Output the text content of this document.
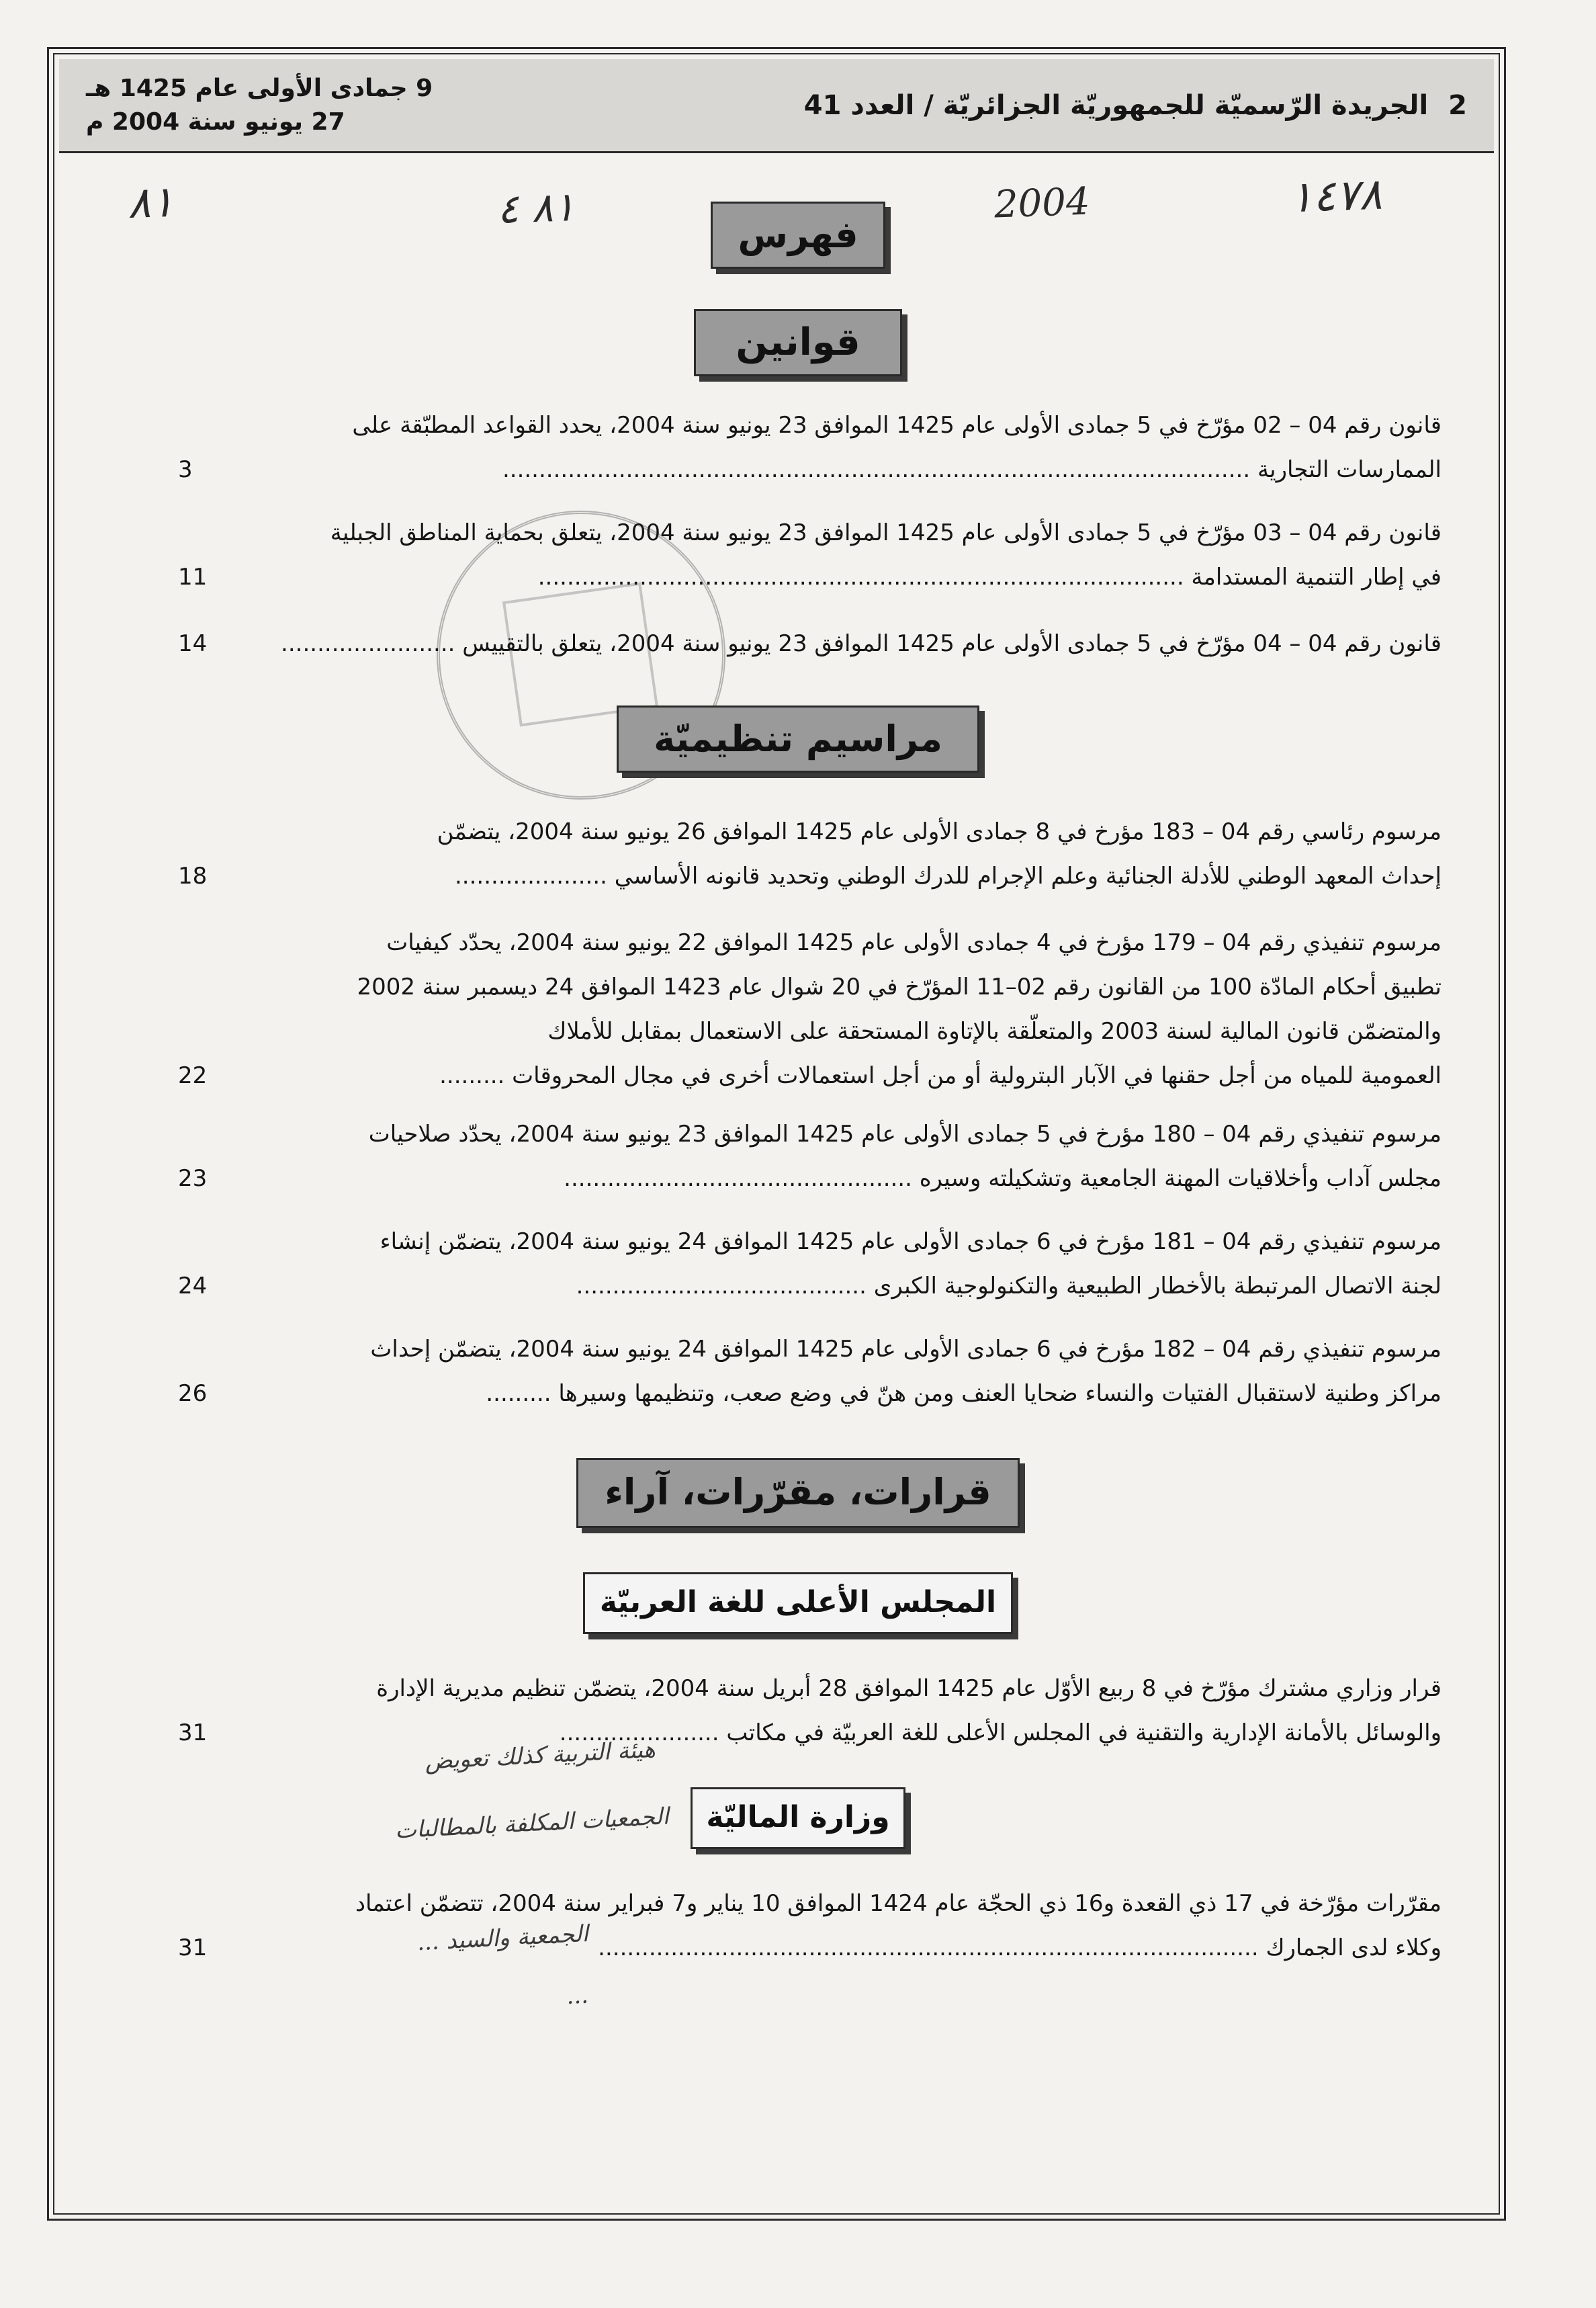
2
الجريدة الرّسميّة للجمهوريّة الجزائريّة / العدد 41
9 جمادى الأولى عام 1425 هـ
27 يونيو سنة 2004 م
٨١	٨١ ٤	2004	١٤٧٨
فهرس
قوانين
قانون رقم 04 – 02 مؤرّخ في 5 جمادى الأولى عام 1425 الموافق 23 يونيو سنة 2004، يحدد القواعد المطبّقة على
الممارسات التجارية .......................................................................................................
3
قانون رقم 04 – 03 مؤرّخ في 5 جمادى الأولى عام 1425 الموافق 23 يونيو سنة 2004، يتعلق بحماية المناطق الجبلية
في إطار التنمية المستدامة .........................................................................................
11
قانون رقم 04 – 04 مؤرّخ في 5 جمادى الأولى عام 1425 الموافق 23 يونيو سنة 2004، يتعلق بالتقييس ........................
14
مراسيم تنظيميّة
مرسوم رئاسي رقم 04 – 183 مؤرخ في 8 جمادى الأولى عام 1425 الموافق 26 يونيو سنة 2004، يتضمّن
إحداث المعهد الوطني للأدلة الجنائية وعلم الإجرام للدرك الوطني وتحديد قانونه الأساسي .....................
18
مرسوم تنفيذي رقم 04 – 179 مؤرخ في 4 جمادى الأولى عام 1425 الموافق 22 يونيو سنة 2004، يحدّد كيفيات
تطبيق أحكام المادّة 100 من القانون رقم 02–11 المؤرّخ في 20 شوال عام 1423 الموافق 24 ديسمبر سنة 2002
والمتضمّن قانون المالية لسنة 2003 والمتعلّقة بالإتاوة المستحقة على الاستعمال بمقابل للأملاك
العمومية للمياه من أجل حقنها في الآبار البترولية أو من أجل استعمالات أخرى في مجال المحروقات .........
22
مرسوم تنفيذي رقم 04 – 180 مؤرخ في 5 جمادى الأولى عام 1425 الموافق 23 يونيو سنة 2004، يحدّد صلاحيات
مجلس آداب وأخلاقيات المهنة الجامعية وتشكيلته وسيره ................................................
23
مرسوم تنفيذي رقم 04 – 181 مؤرخ في 6 جمادى الأولى عام 1425 الموافق 24 يونيو سنة 2004، يتضمّن إنشاء
لجنة الاتصال المرتبطة بالأخطار الطبيعية والتكنولوجية الكبرى ........................................
24
مرسوم تنفيذي رقم 04 – 182 مؤرخ في 6 جمادى الأولى عام 1425 الموافق 24 يونيو سنة 2004، يتضمّن إحداث
مراكز وطنية لاستقبال الفتيات والنساء ضحايا العنف ومن هنّ في وضع صعب، وتنظيمها وسيرها .........
26
قرارات، مقرّرات، آراء
المجلس الأعلى للغة العربيّة
قرار وزاري مشترك مؤرّخ في 8 ربيع الأوّل عام 1425 الموافق 28 أبريل سنة 2004، يتضمّن تنظيم مديرية الإدارة
والوسائل بالأمانة الإدارية والتقنية في المجلس الأعلى للغة العربيّة في مكاتب ......................
31
وزارة الماليّة
مقرّرات مؤرّخة في 17 ذي القعدة و16 ذي الحجّة عام 1424 الموافق 10 يناير و7 فبراير سنة 2004، تتضمّن اعتماد
وكلاء لدى الجمارك ...........................................................................................
31
هيئة التربية كذلك تعويض
الجمعيات المكلفة بالمطالبات
الجمعية والسيد ...
...
